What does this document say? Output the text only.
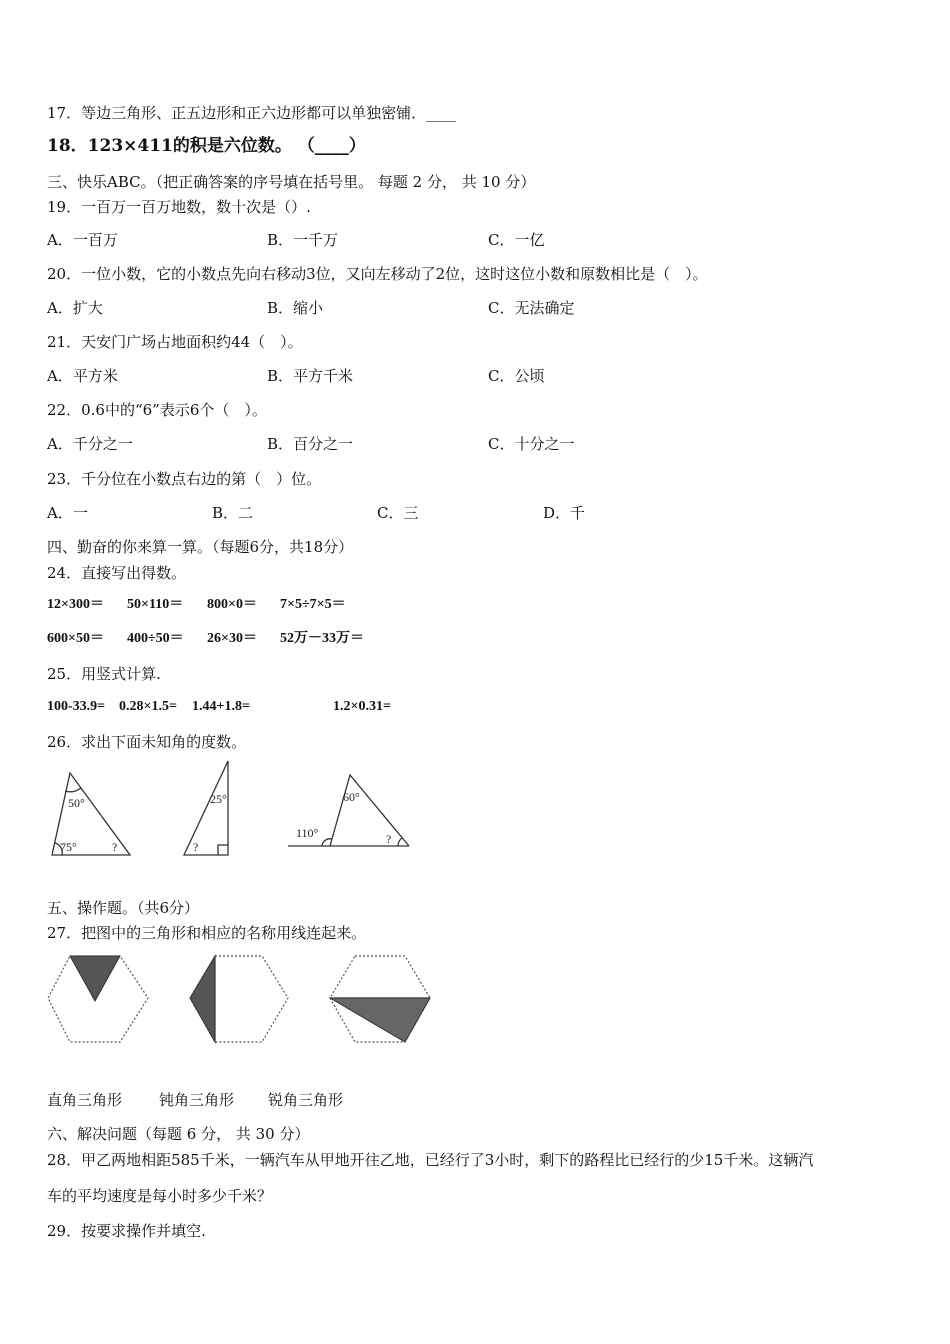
17．等边三角形、正五边形和正六边形都可以单独密铺．____
18．123×411的积是六位数。 （____）
三、快乐ABC。（把正确答案的序号填在括号里。 每题 2 分， 共 10 分）
19．一百万一百万地数，数十次是（）.
A．一百万	B．一千万	C．一亿
20．一位小数，它的小数点先向右移动3位，又向左移动了2位，这时这位小数和原数相比是（　）。
A．扩大	B．缩小	C．无法确定
21．天安门广场占地面积约44（　）。
A．平方米	B．平方千米	C．公顷
22．0.6中的“6”表示6个（　）。
A．千分之一	B．百分之一	C．十分之一
23．千分位在小数点右边的第（　）位。
A．一	B．二	C．三	D．千
四、勤奋的你来算一算。（每题6分，共18分）
24．直接写出得数。
12×300＝ 50×110＝ 800×0＝ 7×5÷7×5＝
600×50＝ 400÷50＝ 26×30＝ 52万－33万＝
25．用竖式计算.
100-33.9= 0.28×1.5= 1.44+1.8=	1.2×0.31=
26．求出下面未知角的度数。
50°
75°	?
25°
?
60°
110°	?
五、操作题。（共6分）
27．把图中的三角形和相应的名称用线连起来。
直角三角形 钝角三角形 锐角三角形
六、解决问题（每题 6 分， 共 30 分）
28．甲乙两地相距585千米，一辆汽车从甲地开往乙地，已经行了3小时，剩下的路程比已经行的少15千米。这辆汽
车的平均速度是每小时多少千米？
29．按要求操作并填空.
